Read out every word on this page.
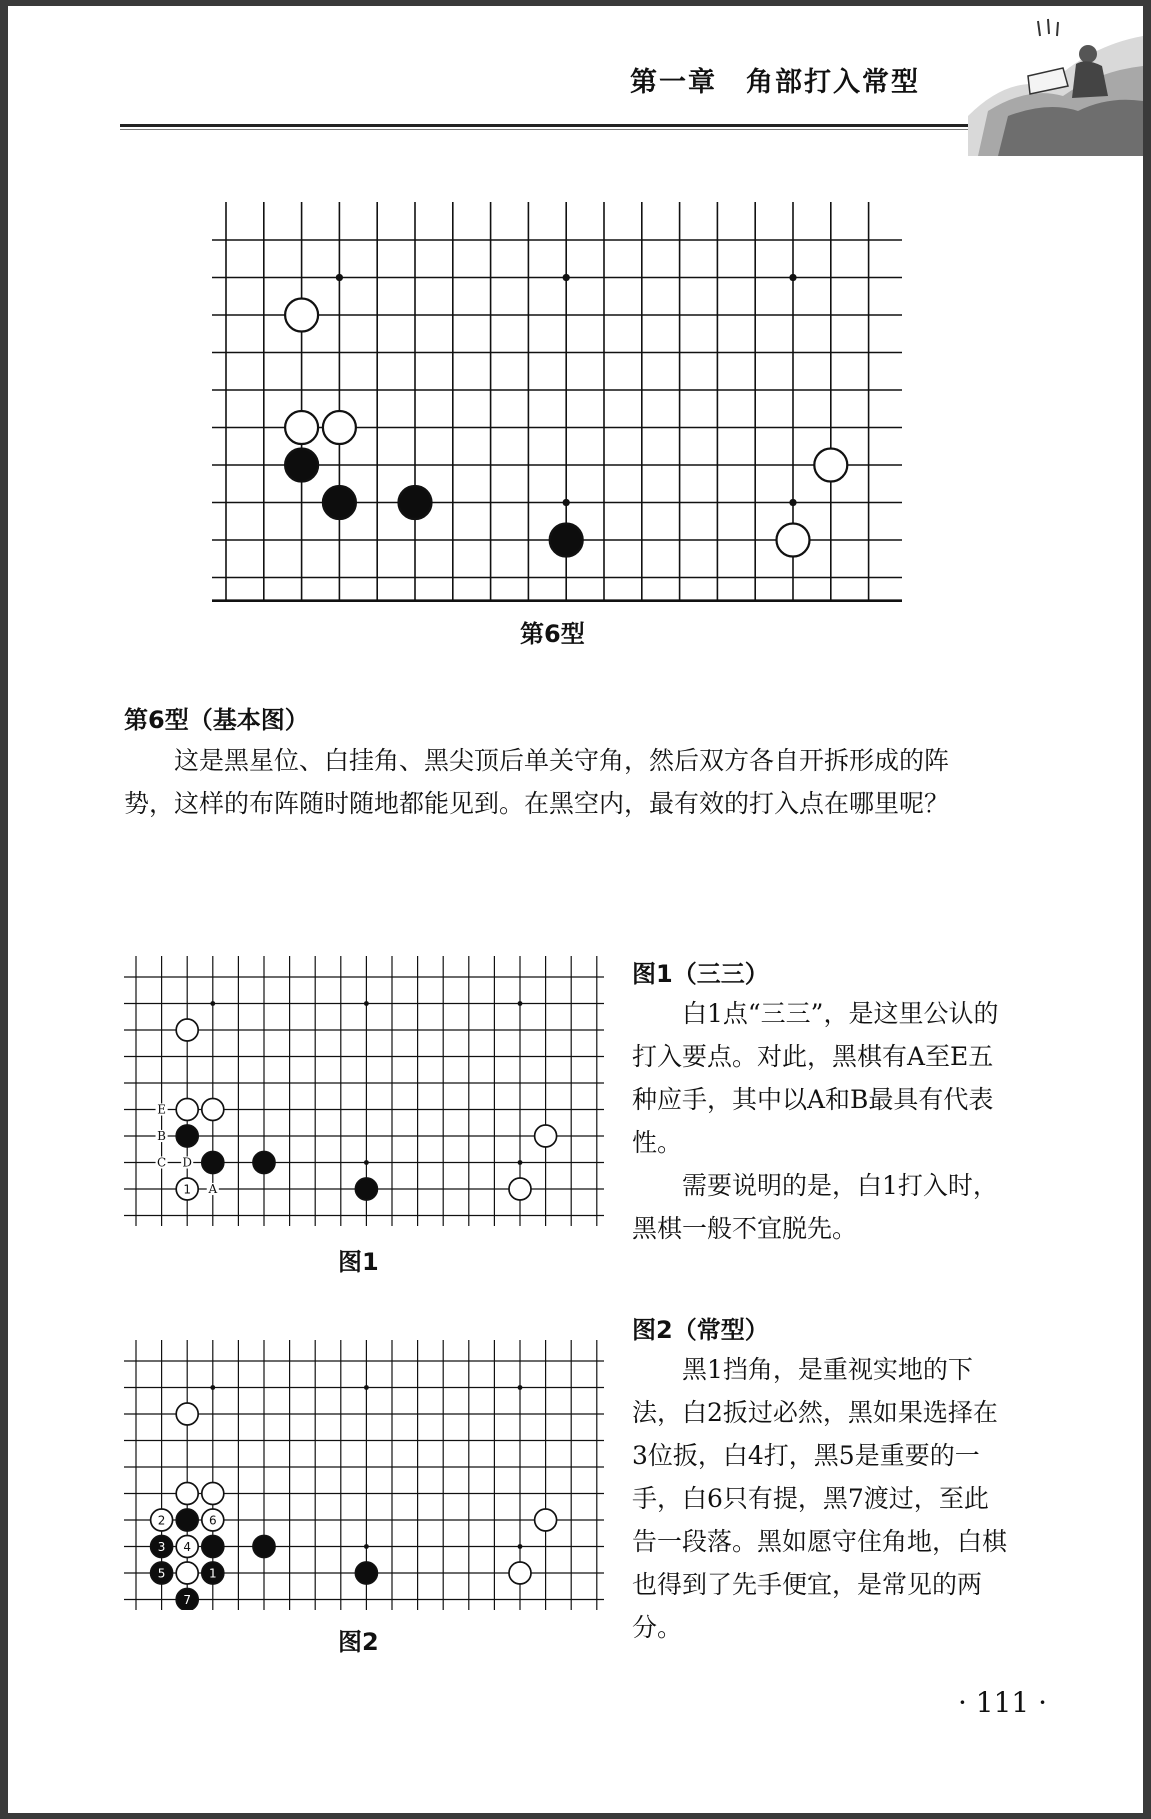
第一章　角部打入常型
第6型
第6型（基本图）

这是黑星位、白挂角、黑尖顶后单关守角，然后双方各自开拆形成的阵势，这样的布阵随时随地都能见到。在黑空内，最有效的打入点在哪里呢？

E
B
C D
A
1
图1
图1（三三）

白1点“三三”，是这里公认的打入要点。对此，黑棋有A至E五种应手，其中以A和B最具有代表性。

需要说明的是，白1打入时，黑棋一般不宜脱先。

2	6
3 4
5	1
7
图2
图2（常型）

黑1挡角，是重视实地的下法，白2扳过必然，黑如果选择在3位扳，白4打，黑5是重要的一手，白6只有提，黑7渡过，至此告一段落。黑如愿守住角地，白棋也得到了先手便宜，是常见的两分。

· 111 ·
